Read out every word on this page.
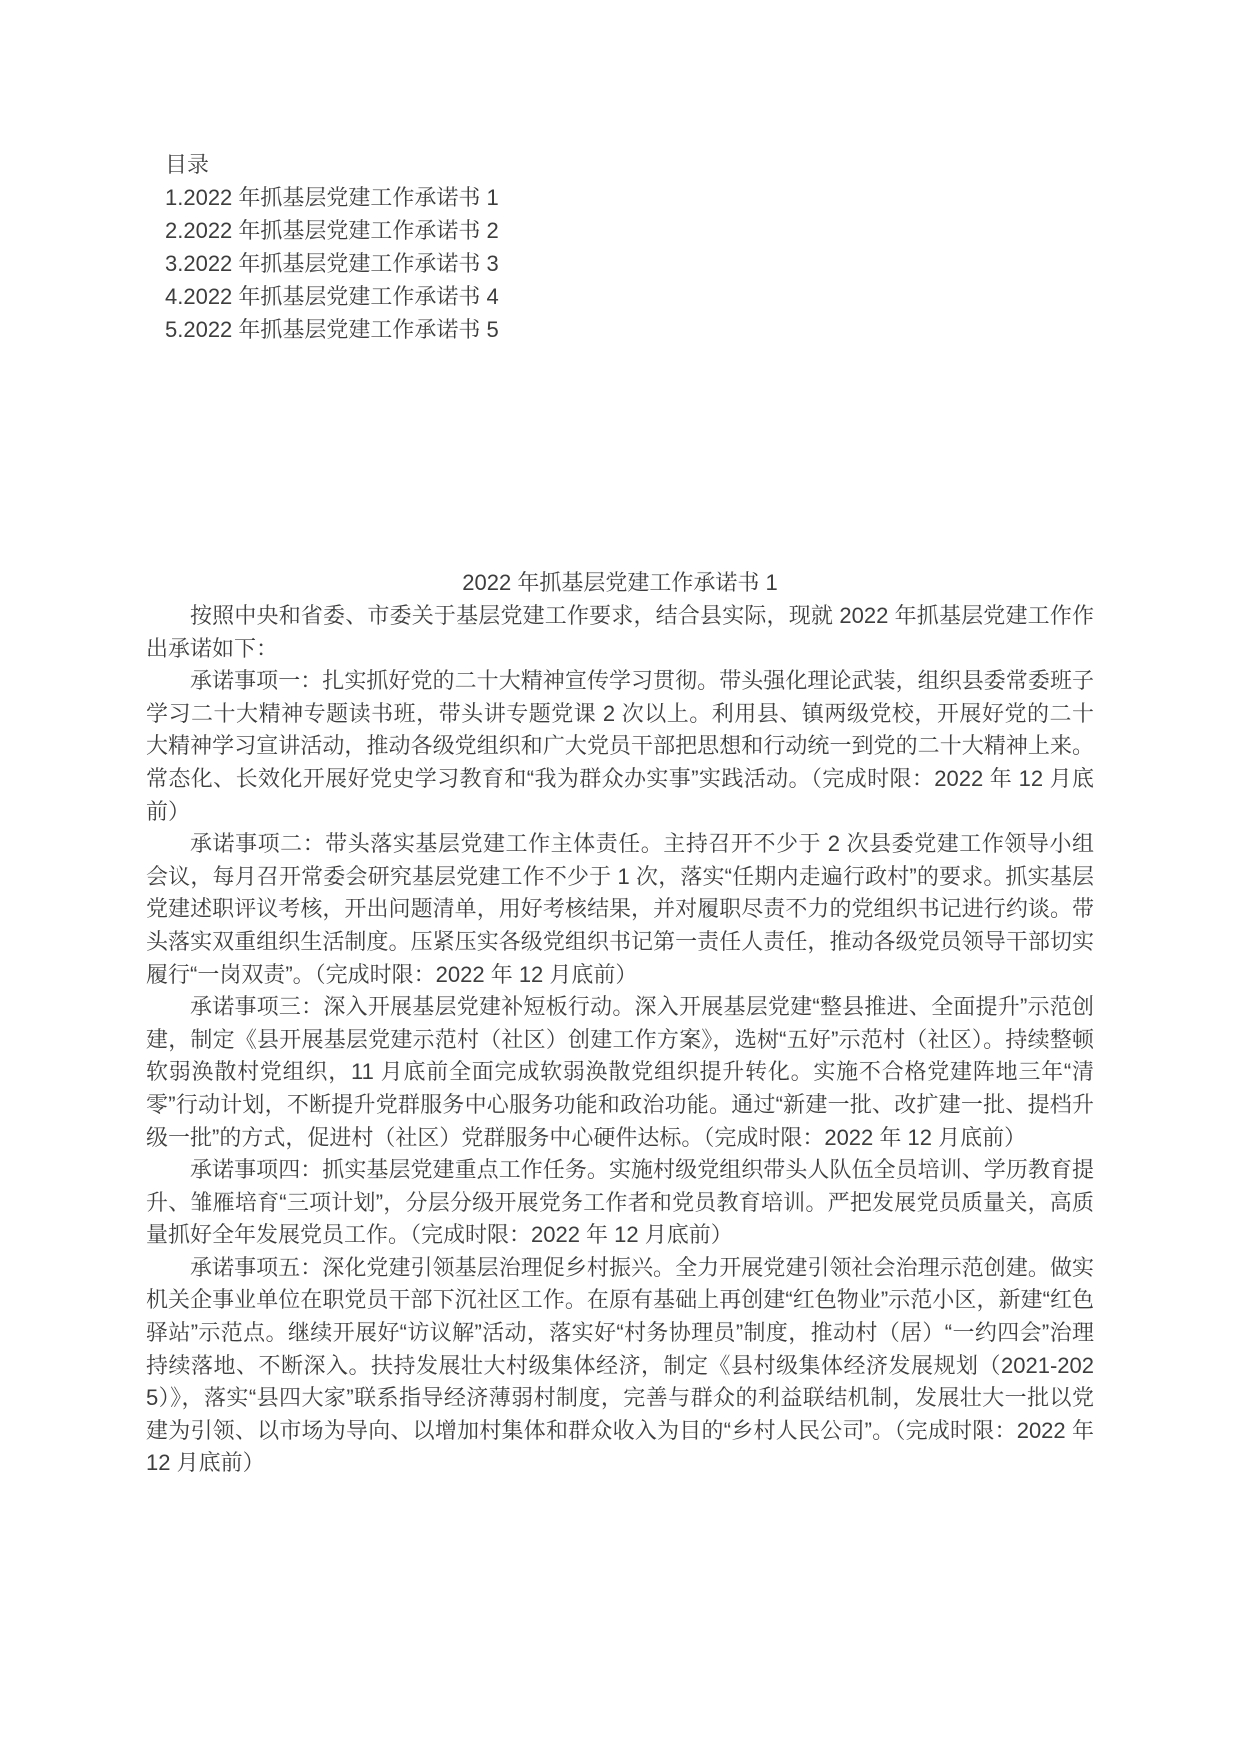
目录
1.2022 年抓基层党建工作承诺书 1
2.2022 年抓基层党建工作承诺书 2
3.2022 年抓基层党建工作承诺书 3
4.2022 年抓基层党建工作承诺书 4
5.2022 年抓基层党建工作承诺书 5
2022 年抓基层党建工作承诺书 1

按照中央和省委、市委关于基层党建工作要求，结合县实际，现就 2022 年抓基层党建工作作出承诺如下：

承诺事项一：扎实抓好党的二十大精神宣传学习贯彻。带头强化理论武装，组织县委常委班子学习二十大精神专题读书班，带头讲专题党课 2 次以上。利用县、镇两级党校，开展好党的二十大精神学习宣讲活动，推动各级党组织和广大党员干部把思想和行动统一到党的二十大精神上来。常态化、长效化开展好党史学习教育和“我为群众办实事”实践活动。（完成时限：2022 年 12 月底前）

承诺事项二：带头落实基层党建工作主体责任。主持召开不少于 2 次县委党建工作领导小组会议，每月召开常委会研究基层党建工作不少于 1 次，落实“任期内走遍行政村”的要求。抓实基层党建述职评议考核，开出问题清单，用好考核结果，并对履职尽责不力的党组织书记进行约谈。带头落实双重组织生活制度。压紧压实各级党组织书记第一责任人责任，推动各级党员领导干部切实履行“一岗双责”。（完成时限：2022 年 12 月底前）

承诺事项三：深入开展基层党建补短板行动。深入开展基层党建“整县推进、全面提升”示范创建，制定《县开展基层党建示范村（社区）创建工作方案》，选树“五好”示范村（社区）。持续整顿软弱涣散村党组织，11 月底前全面完成软弱涣散党组织提升转化。实施不合格党建阵地三年“清零”行动计划，不断提升党群服务中心服务功能和政治功能。通过“新建一批、改扩建一批、提档升级一批”的方式，促进村（社区）党群服务中心硬件达标。（完成时限：2022 年 12 月底前）

承诺事项四：抓实基层党建重点工作任务。实施村级党组织带头人队伍全员培训、学历教育提升、雏雁培育“三项计划”，分层分级开展党务工作者和党员教育培训。严把发展党员质量关，高质量抓好全年发展党员工作。（完成时限：2022 年 12 月底前）

承诺事项五：深化党建引领基层治理促乡村振兴。全力开展党建引领社会治理示范创建。做实机关企事业单位在职党员干部下沉社区工作。在原有基础上再创建“红色物业”示范小区，新建“红色驿站”示范点。继续开展好“访议解”活动，落实好“村务协理员”制度，推动村（居）“一约四会”治理持续落地、不断深入。扶持发展壮大村级集体经济，制定《县村级集体经济发展规划（2021-2025）》，落实“县四大家”联系指导经济薄弱村制度，完善与群众的利益联结机制，发展壮大一批以党建为引领、以市场为导向、以增加村集体和群众收入为目的“乡村人民公司”。（完成时限：2022 年 12 月底前）
